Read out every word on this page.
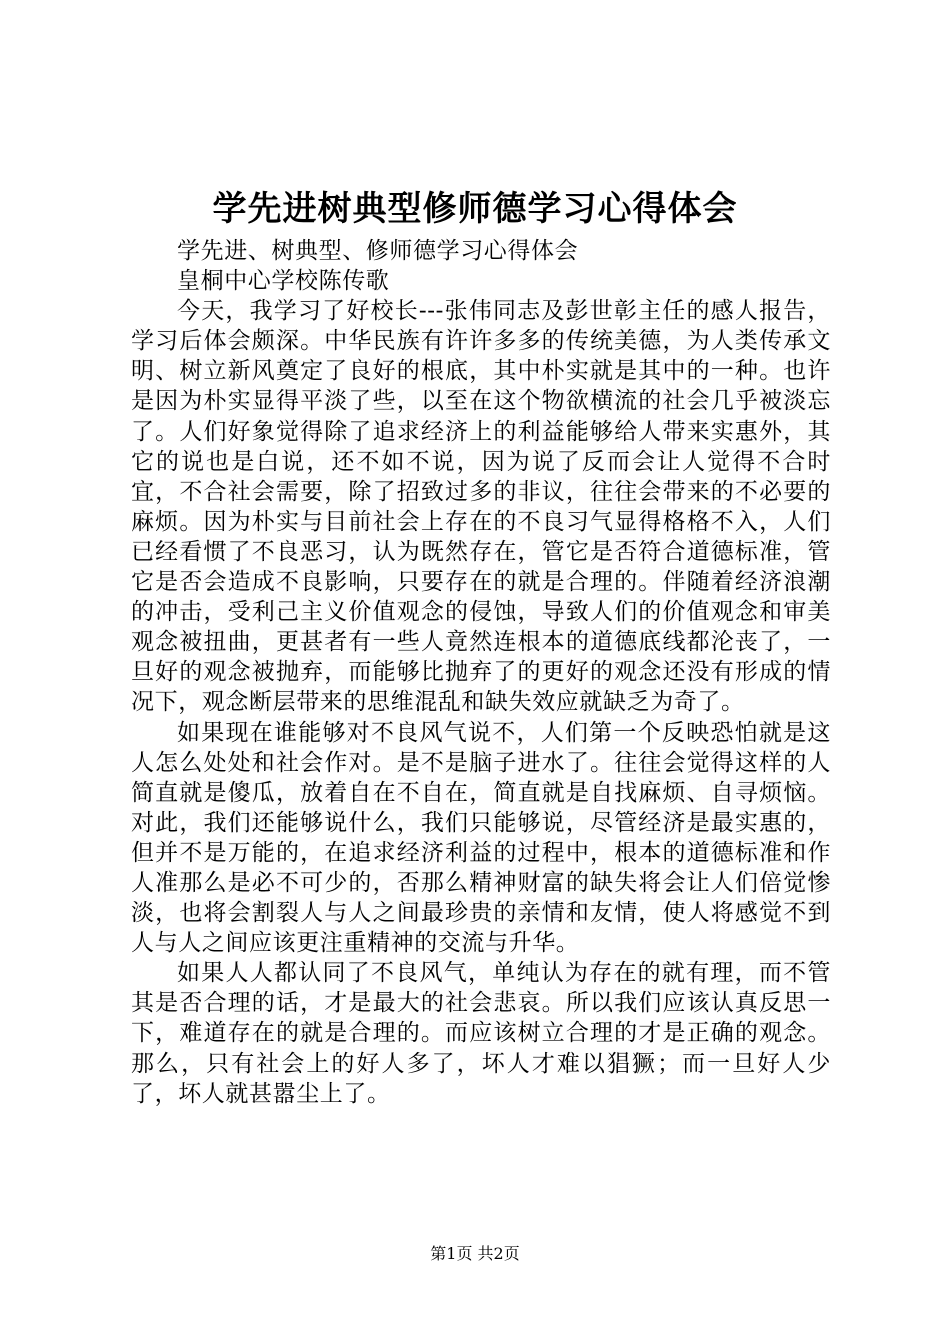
学先进树典型修师德学习心得体会

学先进、树典型、修师德学习心得体会

皇桐中心学校陈传歌

今天，我学习了好校长---张伟同志及彭世彰主任的感人报告，学习后体会颇深。中华民族有许许多多的传统美德，为人类传承文明、树立新风奠定了良好的根底，其中朴实就是其中的一种。也许是因为朴实显得平淡了些，以至在这个物欲横流的社会几乎被淡忘了。人们好象觉得除了追求经济上的利益能够给人带来实惠外，其它的说也是白说，还不如不说，因为说了反而会让人觉得不合时宜，不合社会需要，除了招致过多的非议，往往会带来的不必要的麻烦。因为朴实与目前社会上存在的不良习气显得格格不入，人们已经看惯了不良恶习，认为既然存在，管它是否符合道德标准，管它是否会造成不良影响，只要存在的就是合理的。伴随着经济浪潮的冲击，受利己主义价值观念的侵蚀，导致人们的价值观念和审美观念被扭曲，更甚者有一些人竟然连根本的道德底线都沦丧了，一旦好的观念被抛弃，而能够比抛弃了的更好的观念还没有形成的情况下，观念断层带来的思维混乱和缺失效应就缺乏为奇了。

如果现在谁能够对不良风气说不，人们第一个反映恐怕就是这人怎么处处和社会作对。是不是脑子进水了。往往会觉得这样的人简直就是傻瓜，放着自在不自在，简直就是自找麻烦、自寻烦恼。对此，我们还能够说什么，我们只能够说，尽管经济是最实惠的，但并不是万能的，在追求经济利益的过程中，根本的道德标准和作人准那么是必不可少的，否那么精神财富的缺失将会让人们倍觉惨淡，也将会割裂人与人之间最珍贵的亲情和友情，使人将感觉不到人与人之间应该更注重精神的交流与升华。

如果人人都认同了不良风气，单纯认为存在的就有理，而不管其是否合理的话，才是最大的社会悲哀。所以我们应该认真反思一下，难道存在的就是合理的。而应该树立合理的才是正确的观念。那么，只有社会上的好人多了，坏人才难以猖獗；而一旦好人少了，坏人就甚嚣尘上了。

第1页 共2页
